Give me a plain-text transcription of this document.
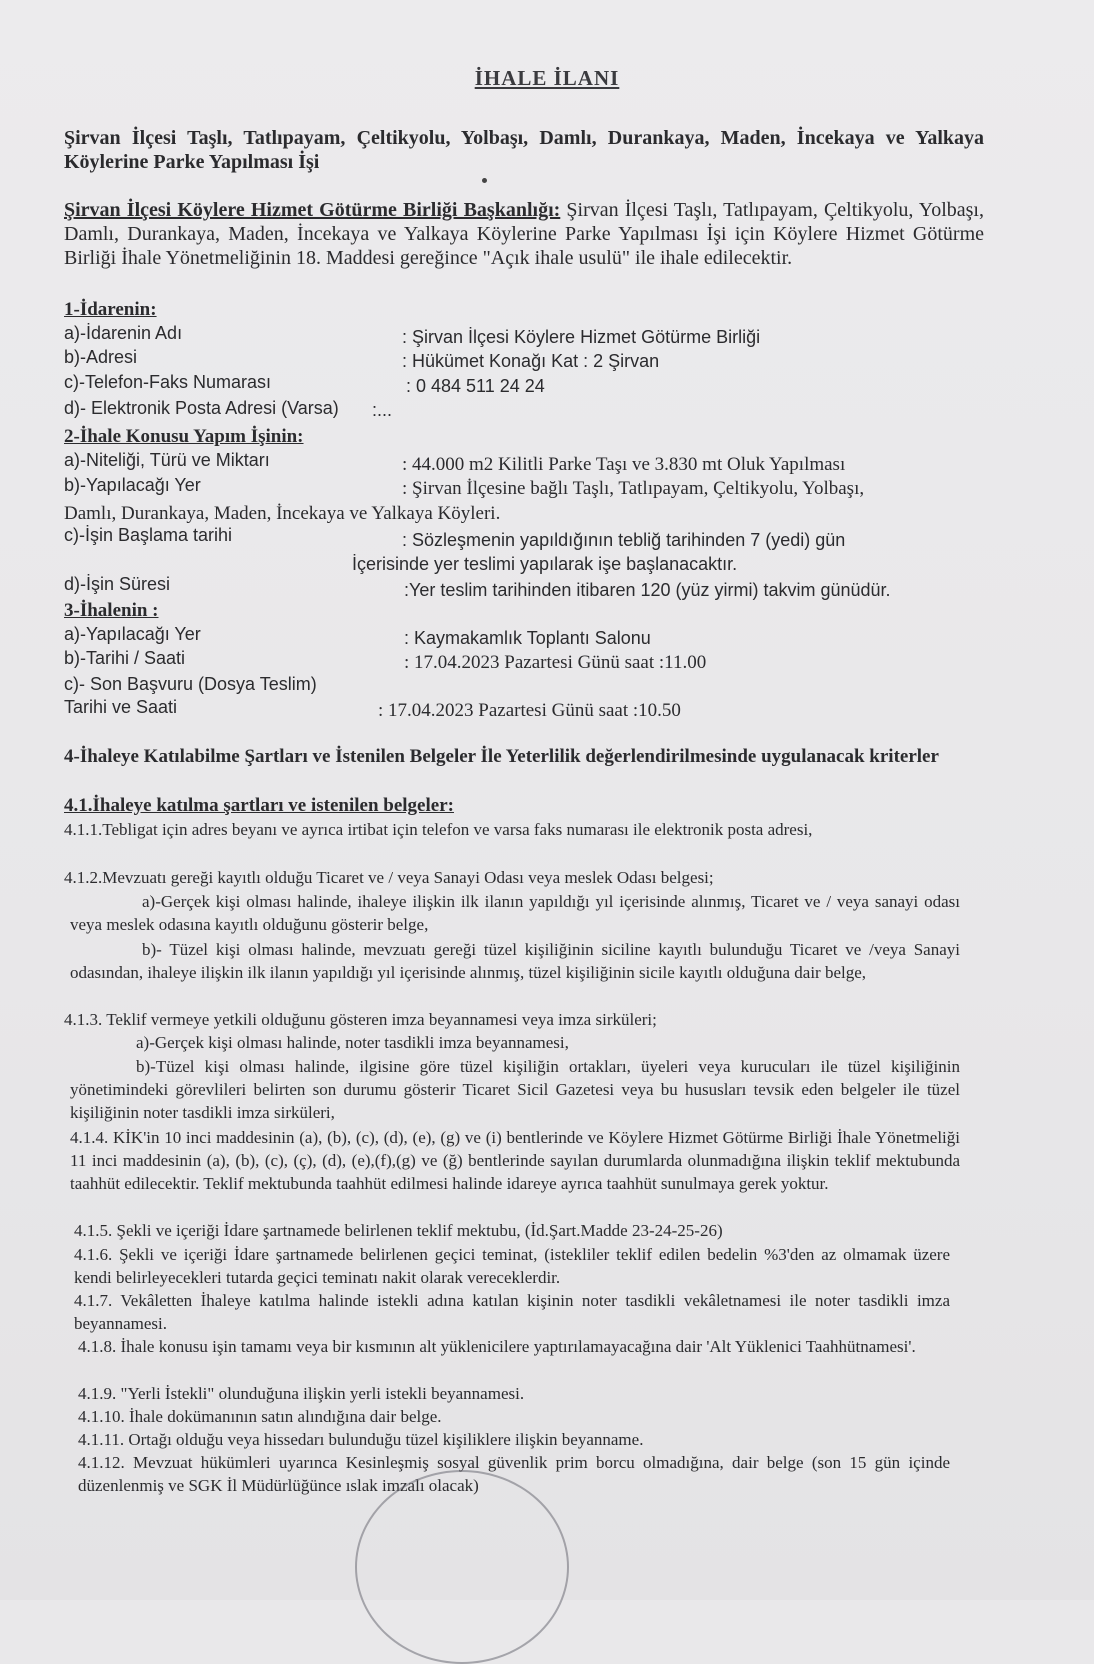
İHALE İLANI
Şirvan İlçesi Taşlı, Tatlıpayam, Çeltikyolu, Yolbaşı, Damlı, Durankaya, Maden, İncekaya ve Yalkaya Köylerine Parke Yapılması İşi
Şirvan İlçesi Köylere Hizmet Götürme Birliği Başkanlığı: Şirvan İlçesi Taşlı, Tatlıpayam, Çeltikyolu, Yolbaşı, Damlı, Durankaya, Maden, İncekaya ve Yalkaya Köylerine Parke Yapılması İşi için Köylere Hizmet Götürme Birliği İhale Yönetmeliğinin 18. Maddesi gereğince "Açık ihale usulü" ile ihale edilecektir.
1-İdarenin:
a)-İdarenin Adı	: Şirvan İlçesi Köylere Hizmet Götürme Birliği
b)-Adresi	: Hükümet Konağı Kat : 2 Şirvan
c)-Telefon-Faks Numarası	: 0 484 511 24 24
d)- Elektronik Posta Adresi (Varsa) :...
2-İhale Konusu Yapım İşinin:
a)-Niteliği, Türü ve Miktarı	: 44.000 m2 Kilitli Parke Taşı ve 3.830 mt Oluk Yapılması
b)-Yapılacağı Yer	: Şirvan İlçesine bağlı Taşlı, Tatlıpayam, Çeltikyolu, Yolbaşı,
Damlı, Durankaya, Maden, İncekaya ve Yalkaya Köyleri.
c)-İşin Başlama tarihi	: Sözleşmenin yapıldığının tebliğ tarihinden 7 (yedi) gün
İçerisinde yer teslimi yapılarak işe başlanacaktır.
d)-İşin Süresi	:Yer teslim tarihinden itibaren 120 (yüz yirmi) takvim günüdür.
3-İhalenin :
a)-Yapılacağı Yer	: Kaymakamlık Toplantı Salonu
b)-Tarihi / Saati	: 17.04.2023 Pazartesi Günü saat :11.00
c)- Son Başvuru (Dosya Teslim)
Tarihi ve Saati	: 17.04.2023 Pazartesi Günü saat :10.50
4-İhaleye Katılabilme Şartları ve İstenilen Belgeler İle Yeterlilik değerlendirilmesinde uygulanacak kriterler
4.1.İhaleye katılma şartları ve istenilen belgeler:
4.1.1.Tebligat için adres beyanı ve ayrıca irtibat için telefon ve varsa faks numarası ile elektronik posta adresi,
4.1.2.Mevzuatı gereği kayıtlı olduğu Ticaret ve / veya Sanayi Odası veya meslek Odası belgesi;
a)-Gerçek kişi olması halinde, ihaleye ilişkin ilk ilanın yapıldığı yıl içerisinde alınmış, Ticaret ve / veya sanayi odası veya meslek odasına kayıtlı olduğunu gösterir belge,
b)- Tüzel kişi olması halinde, mevzuatı gereği tüzel kişiliğinin siciline kayıtlı bulunduğu Ticaret ve /veya Sanayi odasından, ihaleye ilişkin ilk ilanın yapıldığı yıl içerisinde alınmış, tüzel kişiliğinin sicile kayıtlı olduğuna dair belge,
4.1.3. Teklif vermeye yetkili olduğunu gösteren imza beyannamesi veya imza sirküleri;
a)-Gerçek kişi olması halinde, noter tasdikli imza beyannamesi,
b)-Tüzel kişi olması halinde, ilgisine göre tüzel kişiliğin ortakları, üyeleri veya kurucuları ile tüzel kişiliğinin yönetimindeki görevlileri belirten son durumu gösterir Ticaret Sicil Gazetesi veya bu hususları tevsik eden belgeler ile tüzel kişiliğinin noter tasdikli imza sirküleri,
4.1.4. KİK'in 10 inci maddesinin (a), (b), (c), (d), (e), (g) ve (i) bentlerinde ve Köylere Hizmet Götürme Birliği İhale Yönetmeliği 11 inci maddesinin (a), (b), (c), (ç), (d), (e),(f),(g) ve (ğ) bentlerinde sayılan durumlarda olunmadığına ilişkin teklif mektubunda taahhüt edilecektir. Teklif mektubunda taahhüt edilmesi halinde idareye ayrıca taahhüt sunulmaya gerek yoktur.
4.1.5. Şekli ve içeriği İdare şartnamede belirlenen teklif mektubu, (İd.Şart.Madde 23-24-25-26)
4.1.6. Şekli ve içeriği İdare şartnamede belirlenen geçici teminat, (istekliler teklif edilen bedelin %3'den az olmamak üzere kendi belirleyecekleri tutarda geçici teminatı nakit olarak vereceklerdir.
4.1.7. Vekâletten İhaleye katılma halinde istekli adına katılan kişinin noter tasdikli vekâletnamesi ile noter tasdikli imza beyannamesi.
4.1.8. İhale konusu işin tamamı veya bir kısmının alt yüklenicilere yaptırılamayacağına dair 'Alt Yüklenici Taahhütnamesi'.
4.1.9. "Yerli İstekli" olunduğuna ilişkin yerli istekli beyannamesi.
4.1.10. İhale dokümanının satın alındığına dair belge.
4.1.11. Ortağı olduğu veya hissedarı bulunduğu tüzel kişiliklere ilişkin beyanname.
4.1.12. Mevzuat hükümleri uyarınca Kesinleşmiş sosyal güvenlik prim borcu olmadığına, dair belge (son 15 gün içinde düzenlenmiş ve SGK İl Müdürlüğünce ıslak imzalı olacak)
